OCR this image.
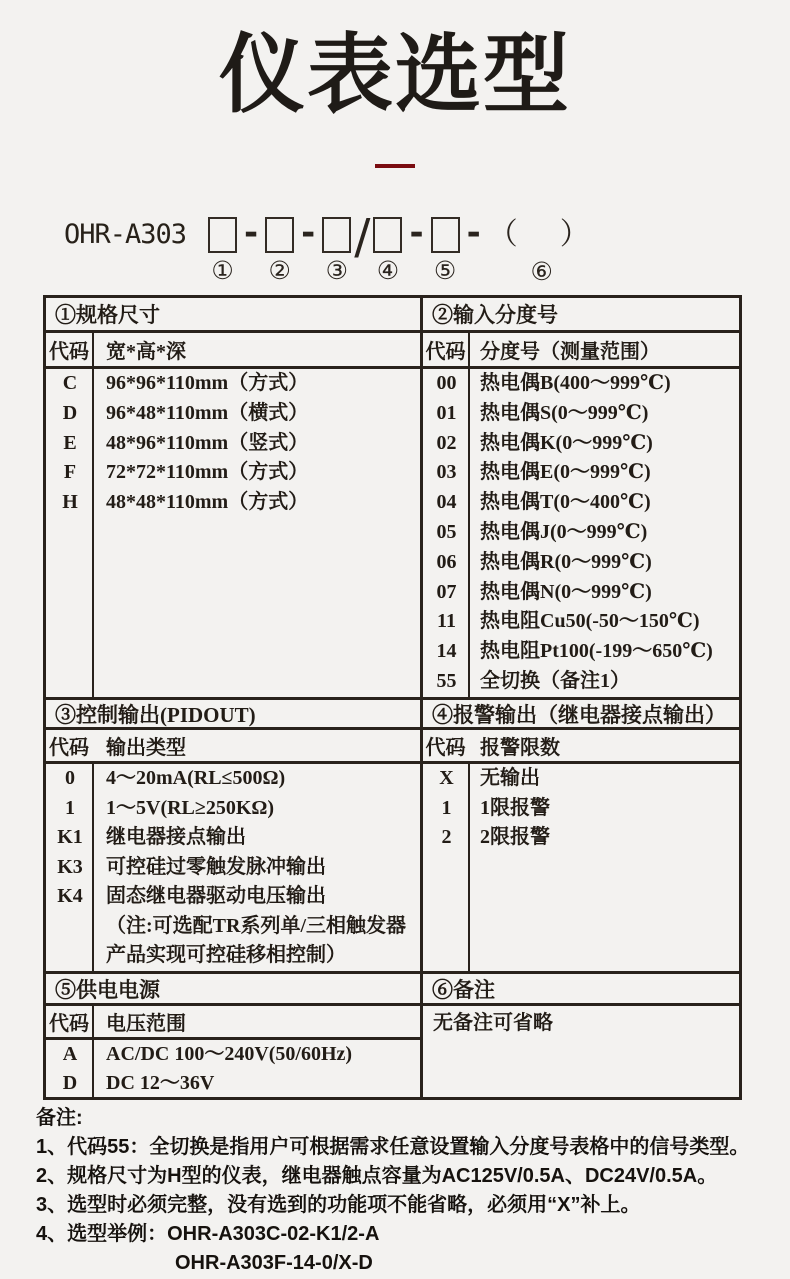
仪表选型
OHR-A303
①
-
②
-
③
/
④
-
⑤
- （　）
⑥
①规格尺寸
代码 宽*高*深
C	96*96*110mm（方式）
D	96*48*110mm（横式）
E	48*96*110mm（竖式）
F	72*72*110mm（方式）
H	48*48*110mm（方式）
②输入分度号
代码 分度号（测量范围）
00	热电偶B(400～999℃)
01	热电偶S(0～999℃)
02	热电偶K(0～999℃)
03	热电偶E(0～999℃)
04	热电偶T(0～400℃)
05	热电偶J(0～999℃)
06	热电偶R(0～999℃)
07	热电偶N(0～999℃)
11	热电阻Cu50(-50～150℃)
14	热电阻Pt100(-199～650℃)
55	全切换（备注1）
③控制输出(PIDOUT)
代码 输出类型
0	4～20mA(RL≤500Ω)
1	1～5V(RL≥250KΩ)
K1	继电器接点输出
K3	可控硅过零触发脉冲输出
K4	固态继电器驱动电压输出
（注:可选配TR系列单/三相触发器
产品实现可控硅移相控制）
④报警输出（继电器接点输出）
代码 报警限数
X	无输出
1	1限报警
2	2限报警
⑤供电电源
代码 电压范围
A	AC/DC 100～240V(50/60Hz)
D	DC 12～36V
⑥备注
无备注可省略
备注:
1、代码55：全切换是指用户可根据需求任意设置输入分度号表格中的信号类型。
2、规格尺寸为H型的仪表，继电器触点容量为AC125V/0.5A、DC24V/0.5A。
3、选型时必须完整，没有选到的功能项不能省略，必须用“X”补上。
4、选型举例：OHR-A303C-02-K1/2-A
OHR-A303F-14-0/X-D
